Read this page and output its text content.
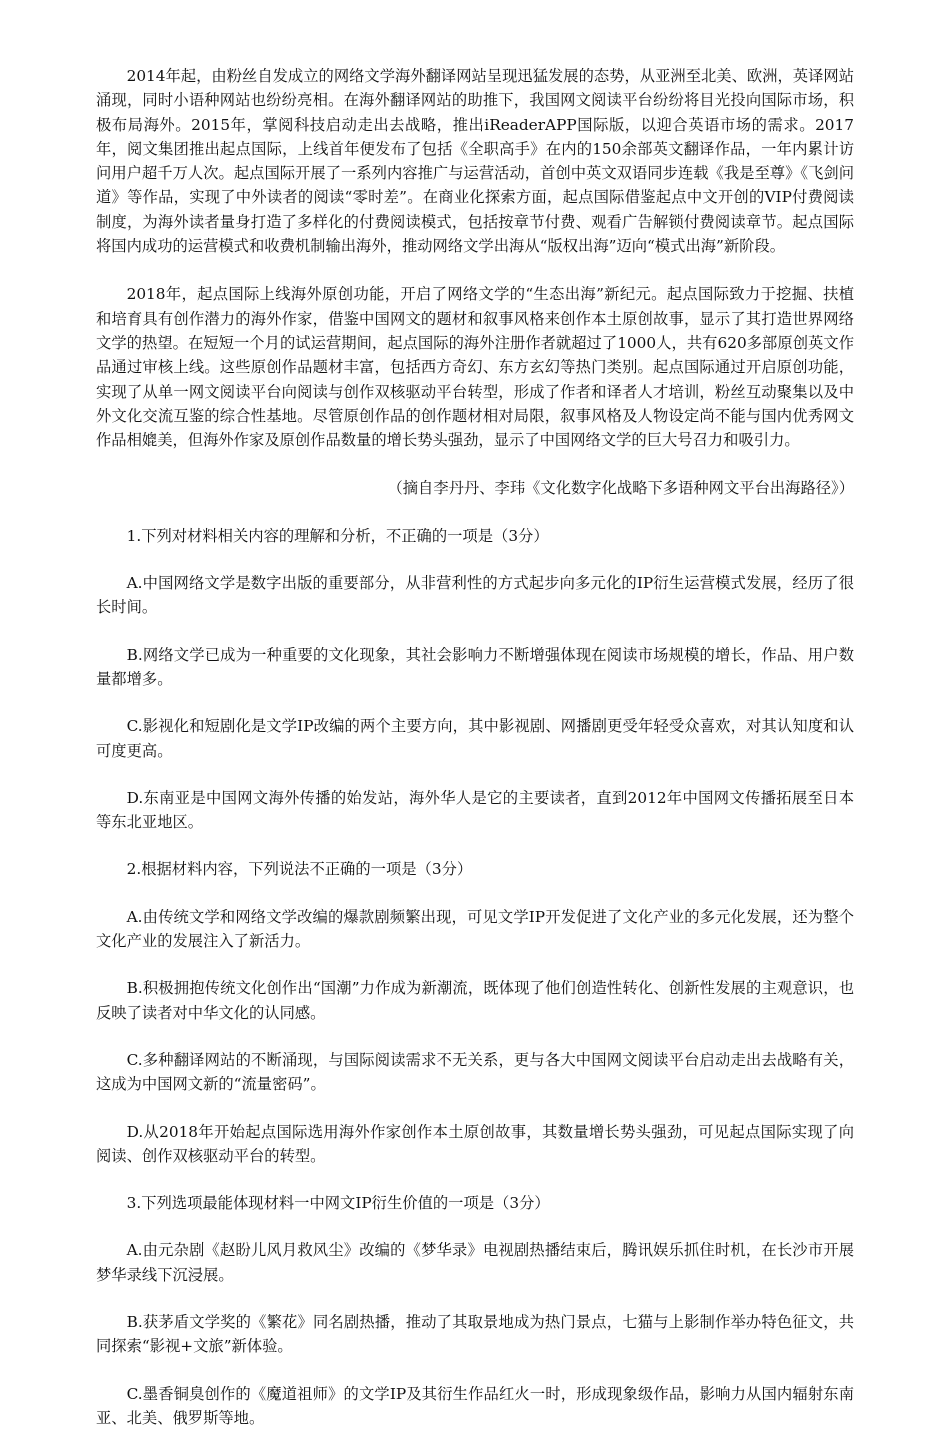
2014年起，由粉丝自发成立的网络文学海外翻译网站呈现迅猛发展的态势，从亚洲至北美、欧洲，英译网站涌现，同时小语种网站也纷纷亮相。在海外翻译网站的助推下，我国网文阅读平台纷纷将目光投向国际市场，积极布局海外。2015年，掌阅科技启动走出去战略，推出iReaderAPP国际版，以迎合英语市场的需求。2017年，阅文集团推出起点国际，上线首年便发布了包括《全职高手》在内的150余部英文翻译作品，一年内累计访问用户超千万人次。起点国际开展了一系列内容推广与运营活动，首创中英文双语同步连载《我是至尊》《飞剑问道》等作品，实现了中外读者的阅读“零时差”。在商业化探索方面，起点国际借鉴起点中文开创的VIP付费阅读制度，为海外读者量身打造了多样化的付费阅读模式，包括按章节付费、观看广告解锁付费阅读章节。起点国际将国内成功的运营模式和收费机制输出海外，推动网络文学出海从“版权出海”迈向“模式出海”新阶段。

2018年，起点国际上线海外原创功能，开启了网络文学的“生态出海”新纪元。起点国际致力于挖掘、扶植和培育具有创作潜力的海外作家，借鉴中国网文的题材和叙事风格来创作本土原创故事，显示了其打造世界网络文学的热望。在短短一个月的试运营期间，起点国际的海外注册作者就超过了1000人，共有620多部原创英文作品通过审核上线。这些原创作品题材丰富，包括西方奇幻、东方玄幻等热门类别。起点国际通过开启原创功能，实现了从单一网文阅读平台向阅读与创作双核驱动平台转型，形成了作者和译者人才培训，粉丝互动聚集以及中外文化交流互鉴的综合性基地。尽管原创作品的创作题材相对局限，叙事风格及人物设定尚不能与国内优秀网文作品相媲美，但海外作家及原创作品数量的增长势头强劲，显示了中国网络文学的巨大号召力和吸引力。

（摘自李丹丹、李玮《文化数字化战略下多语种网文平台出海路径》）

1.下列对材料相关内容的理解和分析，不正确的一项是（3分）

A.中国网络文学是数字出版的重要部分，从非营利性的方式起步向多元化的IP衍生运营模式发展，经历了很长时间。

B.网络文学已成为一种重要的文化现象，其社会影响力不断增强体现在阅读市场规模的增长，作品、用户数量都增多。

C.影视化和短剧化是文学IP改编的两个主要方向，其中影视剧、网播剧更受年轻受众喜欢，对其认知度和认可度更高。

D.东南亚是中国网文海外传播的始发站，海外华人是它的主要读者，直到2012年中国网文传播拓展至日本等东北亚地区。

2.根据材料内容，下列说法不正确的一项是（3分）

A.由传统文学和网络文学改编的爆款剧频繁出现，可见文学IP开发促进了文化产业的多元化发展，还为整个文化产业的发展注入了新活力。

B.积极拥抱传统文化创作出“国潮”力作成为新潮流，既体现了他们创造性转化、创新性发展的主观意识，也反映了读者对中华文化的认同感。

C.多种翻译网站的不断涌现，与国际阅读需求不无关系，更与各大中国网文阅读平台启动走出去战略有关，这成为中国网文新的“流量密码”。

D.从2018年开始起点国际选用海外作家创作本土原创故事，其数量增长势头强劲，可见起点国际实现了向阅读、创作双核驱动平台的转型。

3.下列选项最能体现材料一中网文IP衍生价值的一项是（3分）

A.由元杂剧《赵盼儿风月救风尘》改编的《梦华录》电视剧热播结束后，腾讯娱乐抓住时机，在长沙市开展梦华录线下沉浸展。

B.获茅盾文学奖的《繁花》同名剧热播，推动了其取景地成为热门景点，七猫与上影制作举办特色征文，共同探索“影视+文旅”新体验。

C.墨香铜臭创作的《魔道祖师》的文学IP及其衍生作品红火一时，形成现象级作品，影响力从国内辐射东南亚、北美、俄罗斯等地。
